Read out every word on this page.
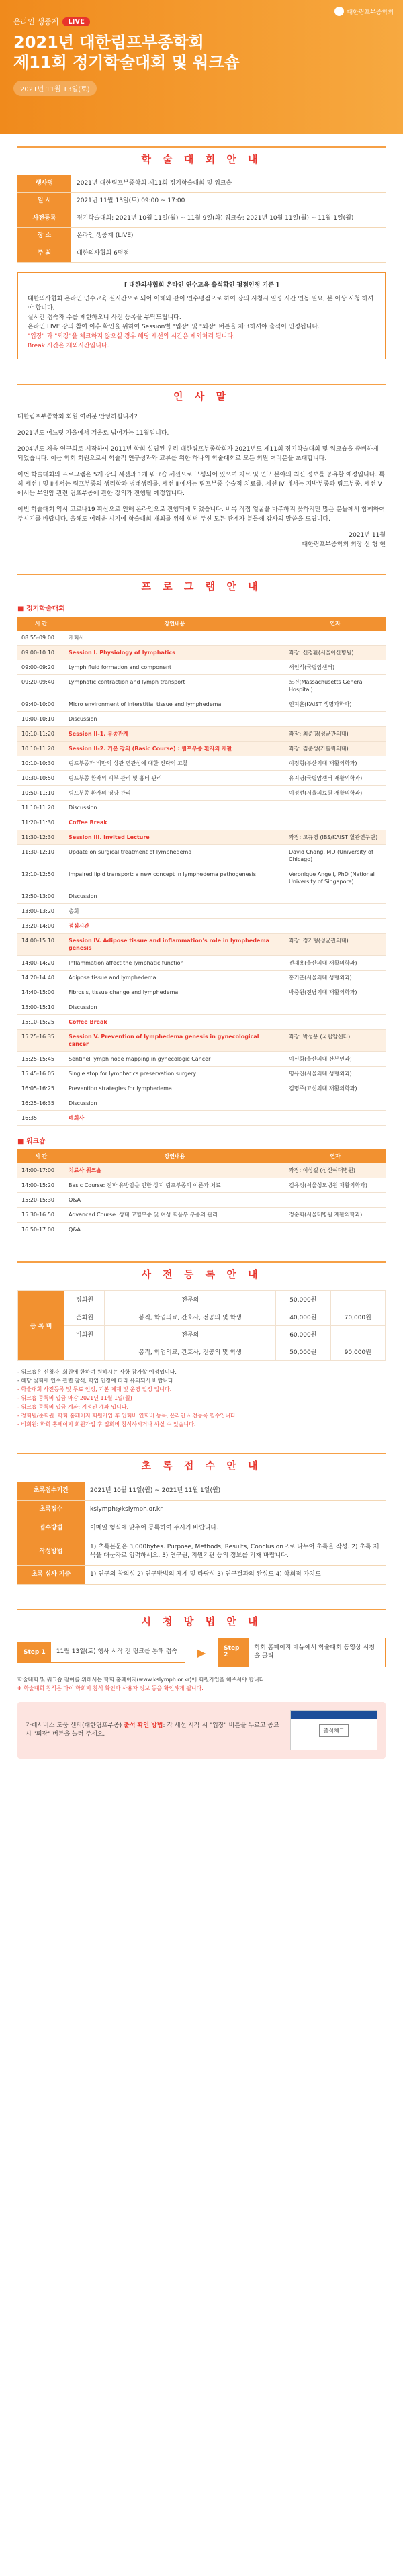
대한림프부종학회
온라인 생중계	LIVE
2021년 대한림프부종학회
제11회 정기학술대회 및 워크숍
2021년 11월 13일(토)
학 술 대 회 안 내
행사명	2021년 대한림프부종학회 제11회 정기학술대회 및 워크숍
일 시	2021년 11월 13일(토) 09:00 ~ 17:00
사전등록	정기학술대회: 2021년 10월 11일(월) ~ 11월 9일(화) 워크숍: 2021년 10월 11일(월) ~ 11월 1일(월)
장 소	온라인 생중계 (LIVE)
주 최	대한의사협회 6평점
[ 대한의사협회 온라인 연수교육 출석확인 평점인정 기준 ]
대한의사협회 온라인 연수교육 실시간으로 되어 이해와 같이 연수평점으로 하여 강의 시청시 일정 시간 연동 필요, 분 이상 시청 하셔야 합니다.
실시간 접속자 수를 제한하오니 사전 등록을 부탁드립니다.
온라인 LIVE 강의 참여 이후 확인을 위하여 Session별 "입장" 및 "퇴장" 버튼을 체크하셔야 출석이 인정됩니다.
"입장" 과 "퇴장"을 체크하지 않으실 경우 해당 세션의 시간은 제외처리 됩니다.
Break 시간은 제외시간입니다.
인 사 말

대한림프부종학회 회원 여러분 안녕하십니까?

2021년도 어느덧 가을에서 겨울로 넘어가는 11월입니다.

2004년도 처음 연구회로 시작하여 2011년 학회 설립된 우리 대한림프부종학회가 2021년도 제11회 정기학술대회 및 워크숍을 준비하게 되었습니다. 이는 학회 회원으로서 학술적 연구성과와 교류를 위한 하나의 학술대회로 모든 회원 여러분을 초대합니다.

이번 학술대회의 프로그램은 5개 강의 세션과 1개 워크숍 세션으로 구성되어 있으며 치료 및 연구 분야의 최신 정보를 공유할 예정입니다. 특히 세션 Ⅰ 및 Ⅱ에서는 림프부종의 생리학과 병태생리를, 세션 Ⅲ에서는 림프부종 수술적 치료를, 세션 Ⅳ 에서는 지방부종과 림프부종, 세션 Ⅴ에서는 부인암 관련 림프부종에 관한 강의가 진행될 예정입니다.

이번 학술대회 역시 코로나19 확산으로 인해 온라인으로 진행되게 되었습니다. 비록 직접 얼굴을 마주하지 못하지만 많은 분들께서 함께하여 주시기를 바랍니다. 올해도 어려운 시기에 학술대회 개최를 위해 힘써 주신 모든 관계자 분들께 감사의 말씀을 드립니다.

2021년 11월
대한림프부종학회 회장 신 형 현
프 로 그 램 안 내
■ 정기학술대회
시 간	강연내용	연자
08:55-09:00	개회사	
09:00-10:10	Session I. Physiology of lymphatics	좌장: 신경환(서울아산병원)
09:00-09:20	Lymph fluid formation and component	서인석(국립암센터)
09:20-09:40	Lymphatic contraction and lymph transport	노건(Massachusetts General Hospital)
09:40-10:00	Micro environment of interstitial tissue and lymphedema	인지훈(KAIST 생명과학과)
10:00-10:10	Discussion	
10:10-11:20	Session II-1. 부종관계	좌장: 최준명(성균관의대)
10:10-11:20	Session II-2. 기본 강의 (Basic Course) : 림프부종 환자의 재활	좌장: 김준성(가톨릭의대)
10:10-10:30	림프부종과 비만의 상관 연관성에 대한 전략의 고찰	이정형(부산의대 재활의학과)
10:30-10:50	림프부종 환자의 피부 관리 및 흉터 관리	유지영(국립암센터 재활의학과)
10:50-11:10	림프부종 환자의 영양 관리	이정선(서울의료원 재활의학과)
11:10-11:20	Discussion	
11:20-11:30	Coffee Break	
11:30-12:30	Session III. Invited Lecture	좌장: 고규영 (IBS/KAIST 혈관연구단)
11:30-12:10	Update on surgical treatment of lymphedema	David Chang, MD (University of Chicago)
12:10-12:50	Impaired lipid transport: a new concept in lymphedema pathogenesis	Veronique Angeli, PhD (National University of Singapore)
12:50-13:00	Discussion	
13:00-13:20	총회	
13:20-14:00	점심시간	
14:00-15:10	Session IV. Adipose tissue and inflammation's role in lymphedema genesis	좌장: 정기형(성균관의대)
14:00-14:20	Inflammation affect the lymphatic function	전재용(울산의대 재활의학과)
14:20-14:40	Adipose tissue and lymphedema	홍기춘(서울의대 성형외과)
14:40-15:00	Fibrosis, tissue change and lymphedema	박중원(전남의대 재활의학과)
15:00-15:10	Discussion	
15:10-15:25	Coffee Break	
15:25-16:35	Session V. Prevention of lymphedema genesis in gynecological cancer	좌장: 박성용 (국립암센터)
15:25-15:45	Sentinel lymph node mapping in gynecologic Cancer	이신화(울산의대 산부인과)
15:45-16:05	Single stop for lymphatics preservation surgery	명유진(서울의대 성형외과)
16:05-16:25	Prevention strategies for lymphedema	김명주(고신의대 재활의학과)
16:25-16:35	Discussion	
16:35	폐회사	
■ 워크숍
시 간	강연내용	연자
14:00-17:00	치료사 워크숍	좌장: 이상길 (성신여대병원)
14:00-15:20	Basic Course: 전파 유방암을 인한 상지 림프부종의 이론과 치료	김유정(서울성모병원 재활의학과)
15:20-15:30	Q&A	
15:30-16:50	Advanced Course: 상대 고혈부종 및 여성 회음부 부종의 관리	정순화(서울대병원 재활의학과)
16:50-17:00	Q&A	
사 전 등 록 안 내
등 록 비	정회원	전문의	50,000원	
	준회원	봉직, 학업의료, 간호사, 전공의 및 학생	40,000원	70,000원
	비회원	전문의	60,000원	
		봉직, 학업의료, 간호사, 전공의 및 학생	50,000원	90,000원
- 워크숍은 신청자, 회원에 한하여 원하시는 사항 참가할 예정입니다.
- 해당 빛회에 연수 관련 참석, 학업 인정에 따라 유의되서 바랍니다.
- 학술대회 사전등록 및 무료 인정, 기본 체재 및 운영 일정 입니다.
- 워크숍 등록비 입금 마감 2021년 11월 1일(월)
- 워크숍 등록비 입금 계좌: 지정된 계좌 입니다.
- 정회원/준회원: 학회 홈페이지 회원가입 후 입회비 연회비 등록, 온라인 사전등록 필수입니다.
- 비회원: 학회 홈페이지 회원가입 후 입회비 참석하시거나 하실 수 있습니다.
초 록 접 수 안 내
초록접수기간	2021년 10월 11일(월) ~ 2021년 11월 1일(월)
초록접수	kslymph@kslymph.or.kr
접수방법	이메일 형식에 맞추어 등록하여 주시기 바랍니다.
작성방법	1) 초록본문은 3,000bytes. Purpose, Methods, Results, Conclusion으로 나누어 초록을 작성. 2) 초록 제목을 대문자로 입력하세요. 3) 연구원, 지원기관 등의 정보를 기재 바랍니다.
초록 심사 기준	1) 연구의 창의성 2) 연구방법의 체계 및 타당성 3) 연구결과의 완성도 4) 학회적 가치도
시 청 방 법 안 내
Step 1	11월 13일(토) 행사 시작 전 링크를 통해 접속	▶	Step 2
학회 홈페이지 메뉴에서 학술대회 동영상 시청을 클릭
학술대회 및 워크숍 참여를 위해서는 학회 홈페이지(www.kslymph.or.kr)에 회원가입을 해주셔야 합니다.
※ 학술대회 참석은 마이 학회지 참석 확인과 사용자 정보 등을 확인하게 됩니다.
카페서비스 도움 센터(대한림프부종) 출석 확인 방법: 각 세션 시작 시 "입장" 버튼을 누르고 종료 시 "퇴장" 버튼을 눌러 주세요.
출석체크
